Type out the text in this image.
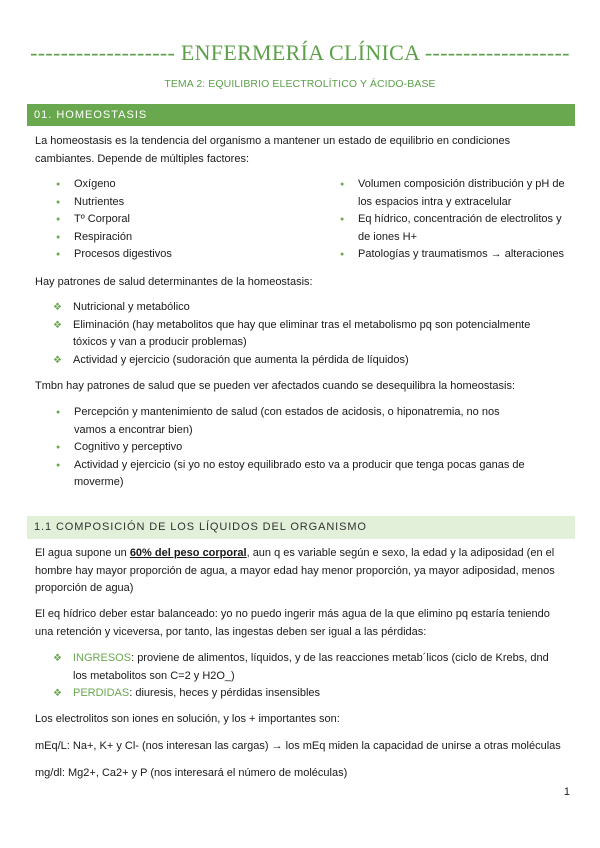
------------------- ENFERMERÍA CLÍNICA -------------------
TEMA 2: EQUILIBRIO ELECTROLÍTICO Y ÁCIDO-BASE
01. HOMEOSTASIS
La homeostasis es la tendencia del organismo a mantener un estado de equilibrio en condiciones cambiantes. Depende de múltiples factores:
● Oxígeno
● Nutrientes
● Tº Corporal
● Respiración
● Procesos digestivos
● Volumen composición distribución y pH de los espacios intra y extracelular
● Eq hídrico, concentración de electrolitos y de iones H+
● Patologías y traumatismos → alteraciones
Hay patrones de salud determinantes de la homeostasis:
❖ Nutricional y metabólico
❖ Eliminación (hay metabolitos que hay que eliminar tras el metabolismo pq son potencialmente tóxicos y van a producir problemas)
❖ Actividad y ejercicio (sudoración que aumenta la pérdida de líquidos)
Tmbn hay patrones de salud que se pueden ver afectados cuando se desequilibra la homeostasis:
● Percepción y mantenimiento de salud (con estados de acidosis, o hiponatremia, no nos vamos a encontrar bien)
● Cognitivo y perceptivo
● Actividad y ejercicio (si yo no estoy equilibrado esto va a producir que tenga pocas ganas de moverme)
1.1 COMPOSICIÓN DE LOS LÍQUIDOS DEL ORGANISMO
El agua supone un 60% del peso corporal, aun q es variable según e sexo, la edad y la adiposidad (en el hombre hay mayor proporción de agua, a mayor edad hay menor proporción, ya mayor adiposidad, menos proporción de agua)
El eq hídrico deber estar balanceado: yo no puedo ingerir más agua de la que elimino pq estaría teniendo una retención y viceversa, por tanto, las ingestas deben ser igual a las pérdidas:
❖ INGRESOS: proviene de alimentos, líquidos, y de las reacciones metab´licos (ciclo de Krebs, dnd los metabolitos son C=2 y H2O_)
❖ PERDIDAS: diuresis, heces y pérdidas insensibles
Los electrolitos son iones en solución, y los + importantes son:
mEq/L: Na+, K+ y Cl- (nos interesan las cargas) → los mEq miden la capacidad de unirse a otras moléculas
mg/dl: Mg2+, Ca2+ y P (nos interesará el número de moléculas)
1
